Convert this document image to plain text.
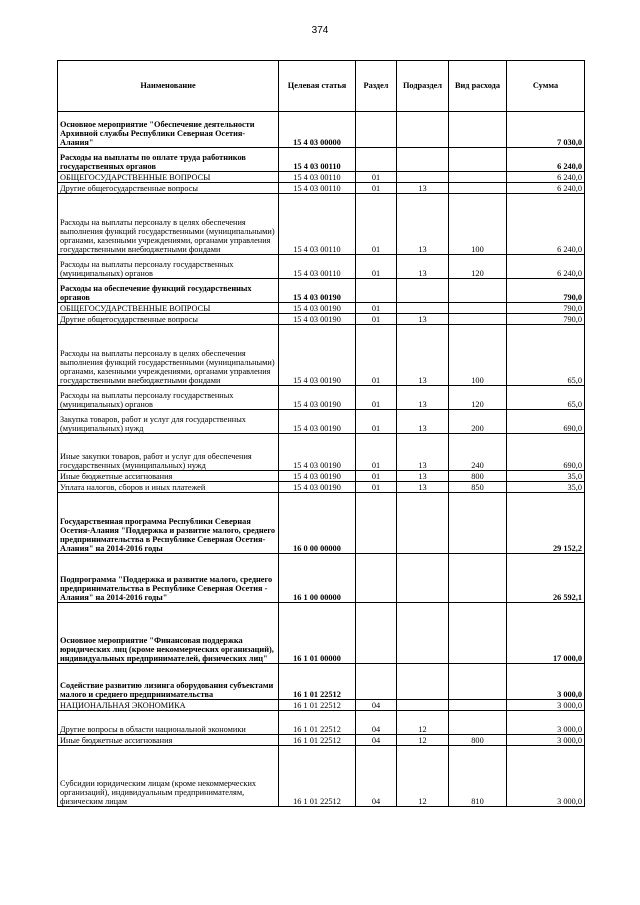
374
Наименование	Целевая статья	Раздел	Подраздел	Вид расхода	Сумма
Основное мероприятие "Обеспечение деятельности Архивной службы Республики Северная Осетия-Алания"	15 4 03 00000				7 030,0
Расходы на выплаты по оплате труда работников государственных органов	15 4 03 00110				6 240,0
ОБЩЕГОСУДАРСТВЕННЫЕ ВОПРОСЫ	15 4 03 00110	01			6 240,0
Другие общегосударственные вопросы	15 4 03 00110	01	13		6 240,0
Расходы на выплаты персоналу в целях обеспечения выполнения функций государственными (муниципальными) органами, казенными учреждениями, органами управления государственными внебюджетными фондами	15 4 03 00110	01	13	100	6 240,0
Расходы на выплаты персоналу государственных (муниципальных) органов	15 4 03 00110	01	13	120	6 240,0
Расходы на обеспечение функций государственных органов	15 4 03 00190				790,0
ОБЩЕГОСУДАРСТВЕННЫЕ ВОПРОСЫ	15 4 03 00190	01			790,0
Другие общегосударственные вопросы	15 4 03 00190	01	13		790,0
Расходы на выплаты персоналу в целях обеспечения выполнения функций государственными (муниципальными) органами, казенными учреждениями, органами управления государственными внебюджетными фондами	15 4 03 00190	01	13	100	65,0
Расходы на выплаты персоналу государственных (муниципальных) органов	15 4 03 00190	01	13	120	65,0
Закупка товаров, работ и услуг для государственных (муниципальных) нужд	15 4 03 00190	01	13	200	690,0
Иные закупки товаров, работ и услуг для обеспечения государственных (муниципальных) нужд	15 4 03 00190	01	13	240	690,0
Иные бюджетные ассигнования	15 4 03 00190	01	13	800	35,0
Уплата налогов, сборов и иных платежей	15 4 03 00190	01	13	850	35,0
Государственная программа Республики Северная Осетия-Алания "Поддержка и развитие малого, среднего предпринимательства в Республике Северная Осетия-Алания" на 2014-2016 годы	16 0 00 00000				29 152,2
Подпрограмма "Поддержка и развитие малого, среднего предпринимательства в Республике Северная Осетия - Алания" на 2014-2016 годы"	16 1 00 00000				26 592,1
Основное мероприятие "Финансовая поддержка юридических лиц (кроме некоммерческих организаций), индивидуальных предпринимателей, физических лиц"	16 1 01 00000				17 000,0
Содействие развитию лизинга оборудования субъектами малого и среднего предпринимательства	16 1 01 22512				3 000,0
НАЦИОНАЛЬНАЯ ЭКОНОМИКА	16 1 01 22512	04			3 000,0
Другие вопросы в области национальной экономики	16 1 01 22512	04	12		3 000,0
Иные бюджетные ассигнования	16 1 01 22512	04	12	800	3 000,0
Субсидии юридическим лицам (кроме некоммерческих организаций), индивидуальным предпринимателям, физическим лицам	16 1 01 22512	04	12	810	3 000,0
